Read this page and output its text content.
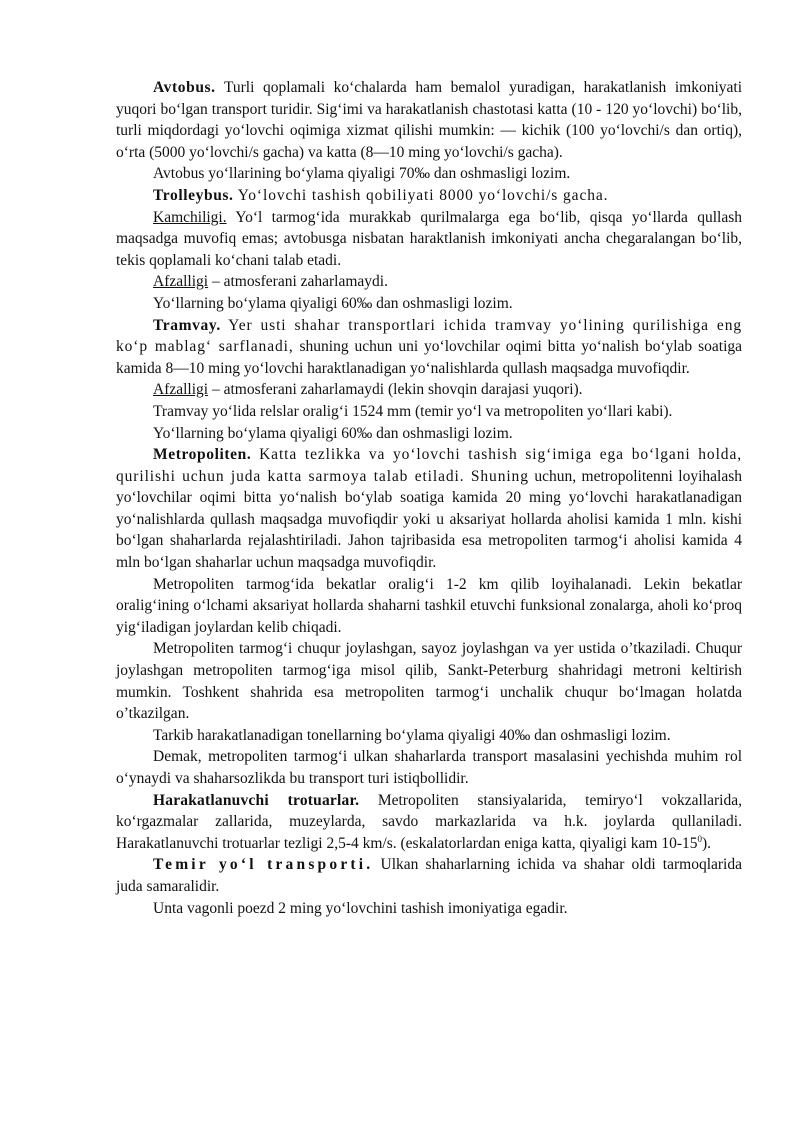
Avtobus. Turli qoplamali ko‘chalarda ham bemalol yuradigan, harakatlanish imkoniyati yuqori bo‘lgan transport turidir. Sig‘imi va harakatlanish chastotasi katta (10 - 120 yo‘lovchi) bo‘lib, turli miqdordagi yo‘lovchi oqimiga xizmat qilishi mumkin: — kichik (100 yo‘lovchi/s dan ortiq), o‘rta (5000 yo‘lovchi/s gacha) va katta (8—10 ming yo‘lovchi/s gacha).

Avtobus yo‘llarining bo‘ylama qiyaligi 70‰ dan oshmasligi lozim.

Trolleybus. Yo‘lovchi tashish qobiliyati 8000 yo‘lovchi/s gacha.

Kamchiligi. Yo‘l tarmog‘ida murakkab qurilmalarga ega bo‘lib, qisqa yo‘llarda qullash maqsadga muvofiq emas; avtobusga nisbatan haraktlanish imkoniyati ancha chegaralangan bo‘lib, tekis qoplamali ko‘chani talab etadi.

Afzalligi – atmosferani zaharlamaydi.

Yo‘llarning bo‘ylama qiyaligi 60‰ dan oshmasligi lozim.

Tramvay. Yer usti shahar transportlari ichida tramvay yo‘lining qurilishiga eng ko‘p mablag‘ sarflanadi, shuning uchun uni yo‘lovchilar oqimi bitta yo‘nalish bo‘ylab soatiga kamida 8—10 ming yo‘lovchi haraktlanadigan yo‘nalishlarda qullash maqsadga muvofiqdir.

Afzalligi – atmosferani zaharlamaydi (lekin shovqin darajasi yuqori).

Tramvay yo‘lida relslar oralig‘i 1524 mm (temir yo‘l va metropoliten yo‘llari kabi).

Yo‘llarning bo‘ylama qiyaligi 60‰ dan oshmasligi lozim.

Metropoliten. Katta tezlikka va yo‘lovchi tashish sig‘imiga ega bo‘lgani holda, qurilishi uchun juda katta sarmoya talab etiladi. Shuning uchun, metropolitenni loyihalash yo‘lovchilar oqimi bitta yo‘nalish bo‘ylab soatiga kamida 20 ming yo‘lovchi harakatlanadigan yo‘nalishlarda qullash maqsadga muvofiqdir yoki u aksariyat hollarda aholisi kamida 1 mln. kishi bo‘lgan shaharlarda rejalashtiriladi. Jahon tajribasida esa metropoliten tarmog‘i aholisi kamida 4 mln bo‘lgan shaharlar uchun maqsadga muvofiqdir.

Metropoliten tarmog‘ida bekatlar oralig‘i 1-2 km qilib loyihalanadi. Lekin bekatlar oralig‘ining o‘lchami aksariyat hollarda shaharni tashkil etuvchi funksional zonalarga, aholi ko‘proq yig‘iladigan joylardan kelib chiqadi.

Metropoliten tarmog‘i chuqur joylashgan, sayoz joylashgan va yer ustida o’tkaziladi. Chuqur joylashgan metropoliten tarmog‘iga misol qilib, Sankt-Peterburg shahridagi metroni keltirish mumkin. Toshkent shahrida esa metropoliten tarmog‘i unchalik chuqur bo‘lmagan holatda o’tkazilgan.

Tarkib harakatlanadigan tonellarning bo‘ylama qiyaligi 40‰ dan oshmasligi lozim.

Demak, metropoliten tarmog‘i ulkan shaharlarda transport masalasini yechishda muhim rol o‘ynaydi va shaharsozlikda bu transport turi istiqbollidir.

Harakatlanuvchi trotuarlar. Metropoliten stansiyalarida, temiryo‘l vokzallarida, ko‘rgazmalar zallarida, muzeylarda, savdo markazlarida va h.k. joylarda qullaniladi. Harakatlanuvchi trotuarlar tezligi 2,5-4 km/s. (eskalatorlardan eniga katta, qiyaligi kam $10-15^0$).

Temir yo‘l transporti. Ulkan shaharlarning ichida va shahar oldi tarmoqlarida juda samaralidir.

Unta vagonli poezd 2 ming yo‘lovchini tashish imoniyatiga egadir.
